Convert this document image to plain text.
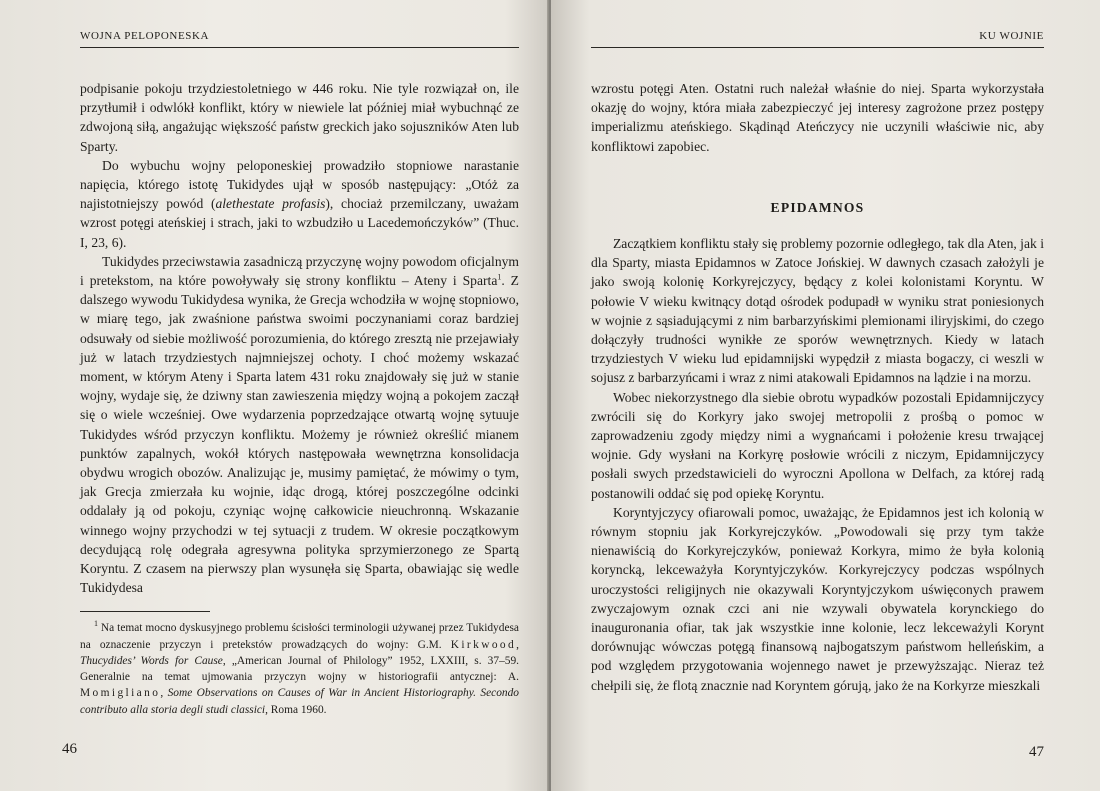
WOJNA PELOPONESKA

podpisanie pokoju trzydziestoletniego w 446 roku. Nie tyle rozwiązał on, ile przytłumił i odwlókł konflikt, który w niewiele lat później miał wybuchnąć ze zdwojoną siłą, angażując większość państw greckich jako sojuszników Aten lub Sparty.

Do wybuchu wojny peloponeskiej prowadziło stopniowe narastanie napięcia, którego istotę Tukidydes ujął w sposób następujący: „Otóż za najistotniejszy powód (alethestate profasis), chociaż przemilczany, uważam wzrost potęgi ateńskiej i strach, jaki to wzbudziło u Lacedemończyków” (Thuc. I, 23, 6).

Tukidydes przeciwstawia zasadniczą przyczynę wojny powodom oficjalnym i pretekstom, na które powoływały się strony konfliktu – Ateny i Sparta$^1$. Z dalszego wywodu Tukidydesa wynika, że Grecja wchodziła w wojnę stopniowo, w miarę tego, jak zwaśnione państwa swoimi poczynaniami coraz bardziej odsuwały od siebie możliwość porozumienia, do którego zresztą nie przejawiały już w latach trzydziestych najmniejszej ochoty. I choć możemy wskazać moment, w którym Ateny i Sparta latem 431 roku znajdowały się już w stanie wojny, wydaje się, że dziwny stan zawieszenia między wojną a pokojem zaczął się o wiele wcześniej. Owe wydarzenia poprzedzające otwartą wojnę sytuuje Tukidydes wśród przyczyn konfliktu. Możemy je również określić mianem punktów zapalnych, wokół których następowała wewnętrzna konsolidacja obydwu wrogich obozów. Analizując je, musimy pamiętać, że mówimy o tym, jak Grecja zmierzała ku wojnie, idąc drogą, której poszczególne odcinki oddalały ją od pokoju, czyniąc wojnę całkowicie nieuchronną. Wskazanie winnego wojny przychodzi w tej sytuacji z trudem. W okresie początkowym decydującą rolę odegrała agresywna polityka sprzymierzonego ze Spartą Koryntu. Z czasem na pierwszy plan wysunęła się Sparta, obawiając się wedle Tukidydesa

$^1$ Na temat mocno dyskusyjnego problemu ścisłości terminologii używanej przez Tukidydesa na oznaczenie przyczyn i pretekstów prowadzących do wojny: G.M. Kirkwood, Thucydides’ Words for Cause, „American Journal of Philology” 1952, LXXIII, s. 37–59. Generalnie na temat ujmowania przyczyn wojny w historiografii antycznej: A. Momigliano, Some Observations on Causes of War in Ancient Historiography. Secondo contributo alla storia degli studi classici, Roma 1960.

46
KU WOJNIE

wzrostu potęgi Aten. Ostatni ruch należał właśnie do niej. Sparta wykorzystała okazję do wojny, która miała zabezpieczyć jej interesy zagrożone przez postępy imperializmu ateńskiego. Skądinąd Ateńczycy nie uczynili właściwie nic, aby konfliktowi zapobiec.

EPIDAMNOS

Zaczątkiem konfliktu stały się problemy pozornie odległego, tak dla Aten, jak i dla Sparty, miasta Epidamnos w Zatoce Jońskiej. W dawnych czasach założyli je jako swoją kolonię Korkyrejczycy, będący z kolei kolonistami Koryntu. W połowie V wieku kwitnący dotąd ośrodek podupadł w wyniku strat poniesionych w wojnie z sąsiadującymi z nim barbarzyńskimi plemionami iliryjskimi, do czego dołączyły trudności wynikłe ze sporów wewnętrznych. Kiedy w latach trzydziestych V wieku lud epidamnijski wypędził z miasta bogaczy, ci weszli w sojusz z barbarzyńcami i wraz z nimi atakowali Epidamnos na lądzie i na morzu.

Wobec niekorzystnego dla siebie obrotu wypadków pozostali Epidamnijczycy zwrócili się do Korkyry jako swojej metropolii z prośbą o pomoc w zaprowadzeniu zgody między nimi a wygnańcami i położenie kresu trwającej wojnie. Gdy wysłani na Korkyrę posłowie wrócili z niczym, Epidamnijczycy posłali swych przedstawicieli do wyroczni Apollona w Delfach, za której radą postanowili oddać się pod opiekę Koryntu.

Koryntyjczycy ofiarowali pomoc, uważając, że Epidamnos jest ich kolonią w równym stopniu jak Korkyrejczyków. „Powodowali się przy tym także nienawiścią do Korkyrejczyków, ponieważ Korkyra, mimo że była kolonią koryncką, lekceważyła Koryntyjczyków. Korkyrejczycy podczas wspólnych uroczystości religijnych nie okazywali Koryntyjczykom uświęconych prawem zwyczajowym oznak czci ani nie wzywali obywatela korynckiego do inauguronania ofiar, tak jak wszystkie inne kolonie, lecz lekceważyli Korynt dorównując wówczas potęgą finansową najbogatszym państwom helleńskim, a pod względem przygotowania wojennego nawet je przewyższając. Nieraz też chełpili się, że flotą znacznie nad Koryntem górują, jako że na Korkyrze mieszkali

47
